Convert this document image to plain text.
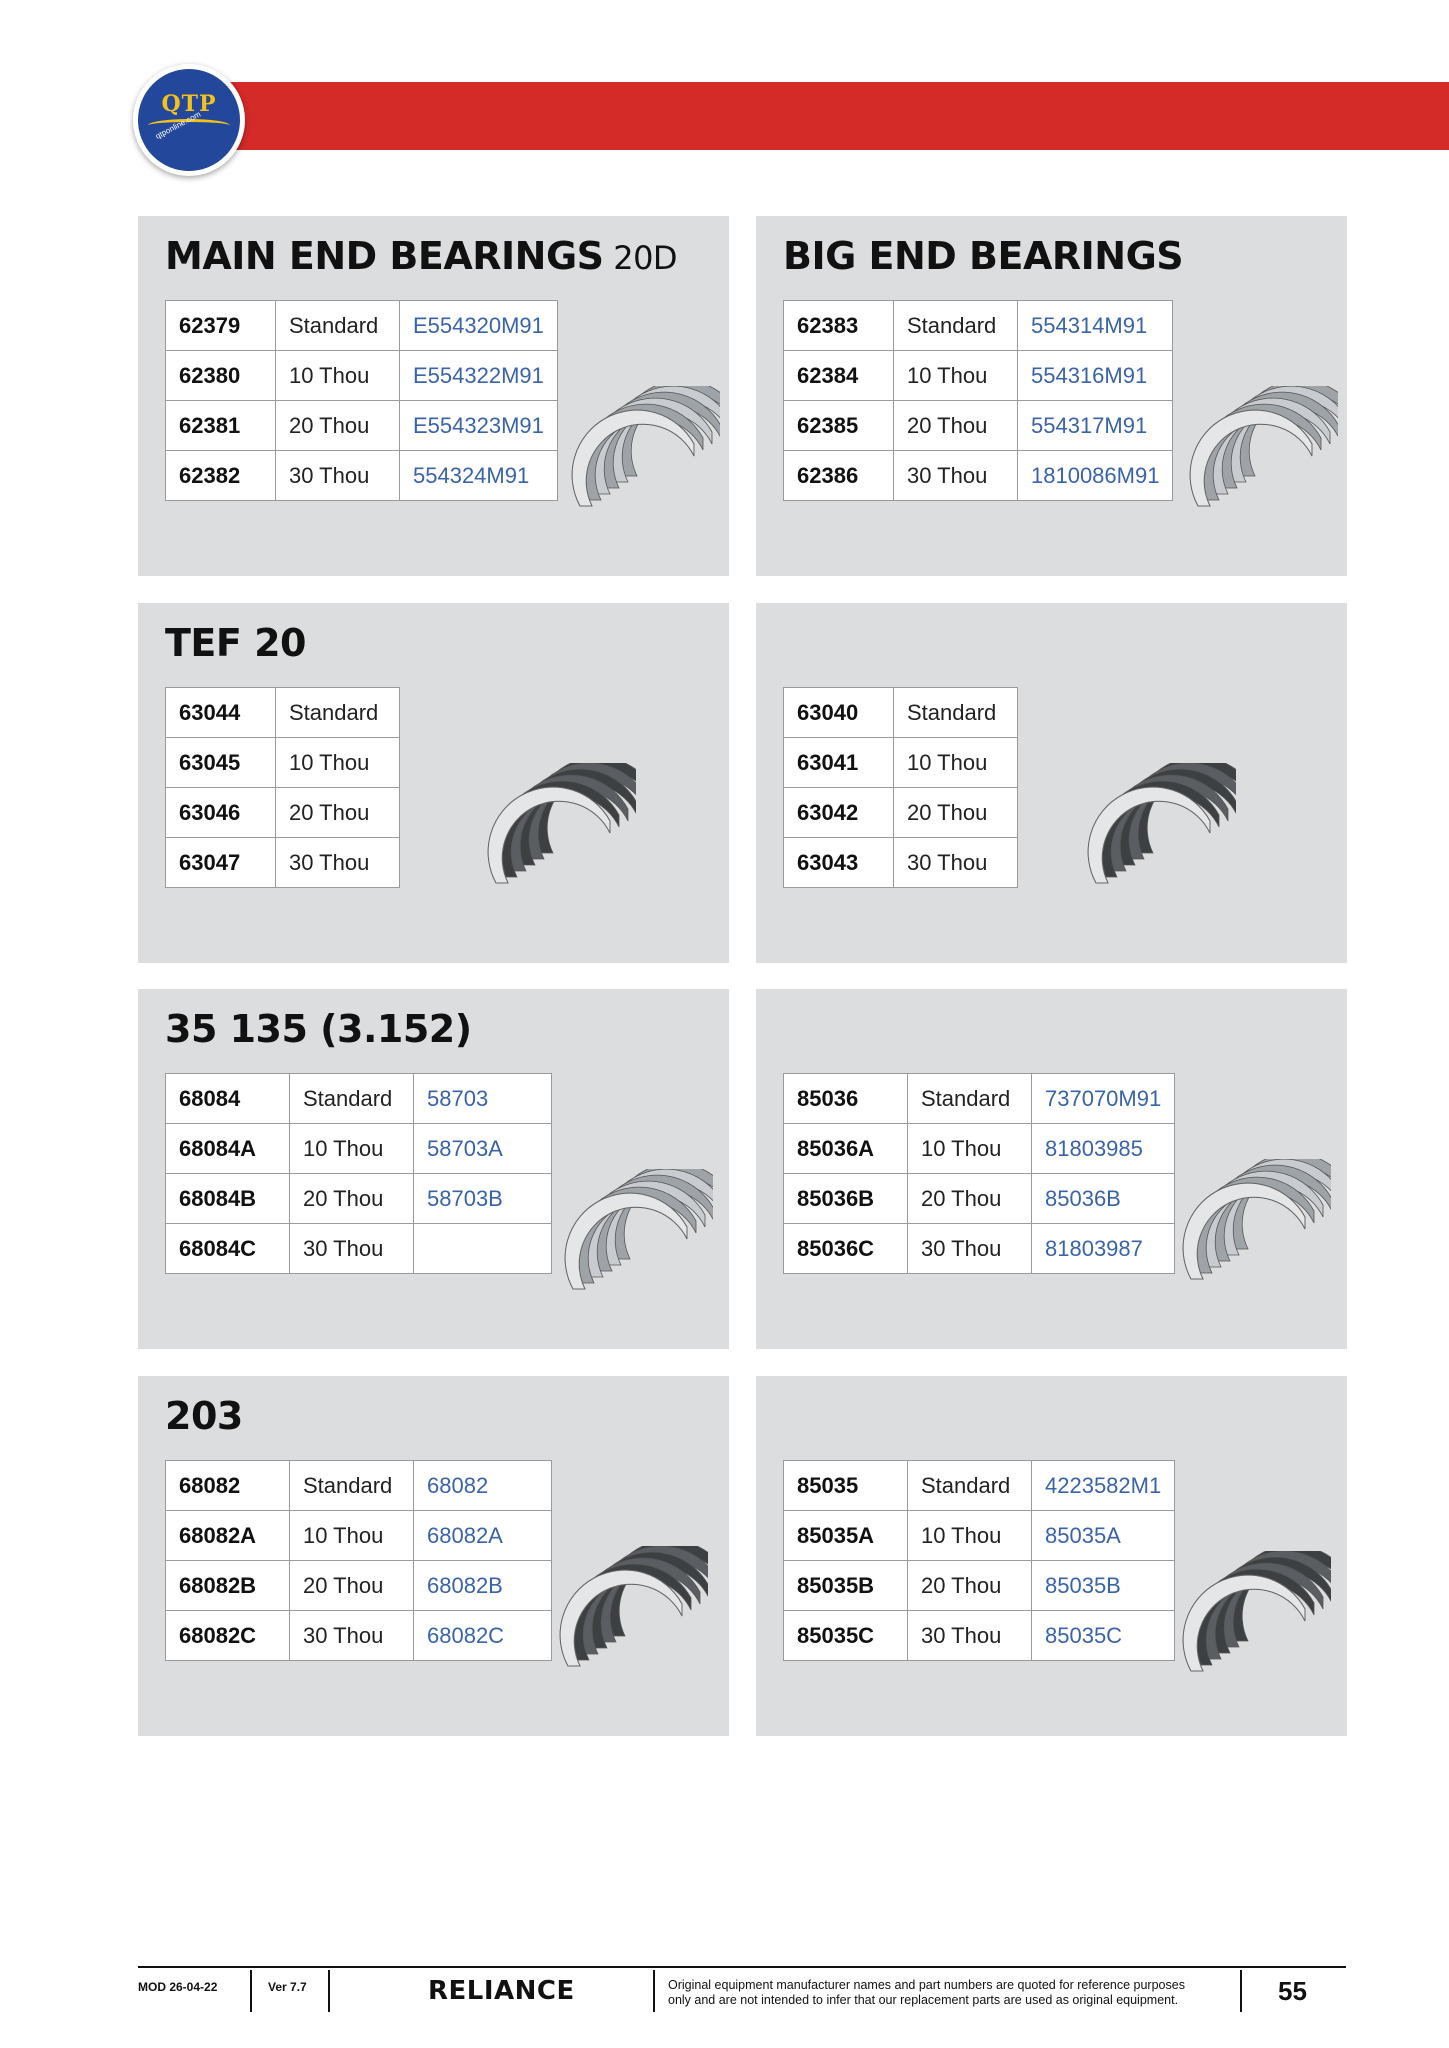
QTP
qtponline.com
MAIN END BEARINGS 20D
62379	Standard	E554320M91
62380	10 Thou	E554322M91
62381	20 Thou	E554323M91
62382	30 Thou	554324M91
BIG END BEARINGS
62383	Standard	554314M91
62384	10 Thou	554316M91
62385	20 Thou	554317M91
62386	30 Thou	1810086M91
TEF 20
63044	Standard
63045	10 Thou
63046	20 Thou
63047	30 Thou
63040	Standard
63041	10 Thou
63042	20 Thou
63043	30 Thou
35 135 (3.152)
68084	Standard	58703
68084A	10 Thou	58703A
68084B	20 Thou	58703B
68084C	30 Thou	
85036	Standard	737070M91
85036A	10 Thou	81803985
85036B	20 Thou	85036B
85036C	30 Thou	81803987
203
68082	Standard	68082
68082A	10 Thou	68082A
68082B	20 Thou	68082B
68082C	30 Thou	68082C
85035	Standard	4223582M1
85035A	10 Thou	85035A
85035B	20 Thou	85035B
85035C	30 Thou	85035C
MOD 26-04-22	Ver 7.7	RELIANCE	Original equipment manufacturer names and part numbers are quoted for reference purposes
only and are not intended to infer that our replacement parts are used as original equipment.	55
